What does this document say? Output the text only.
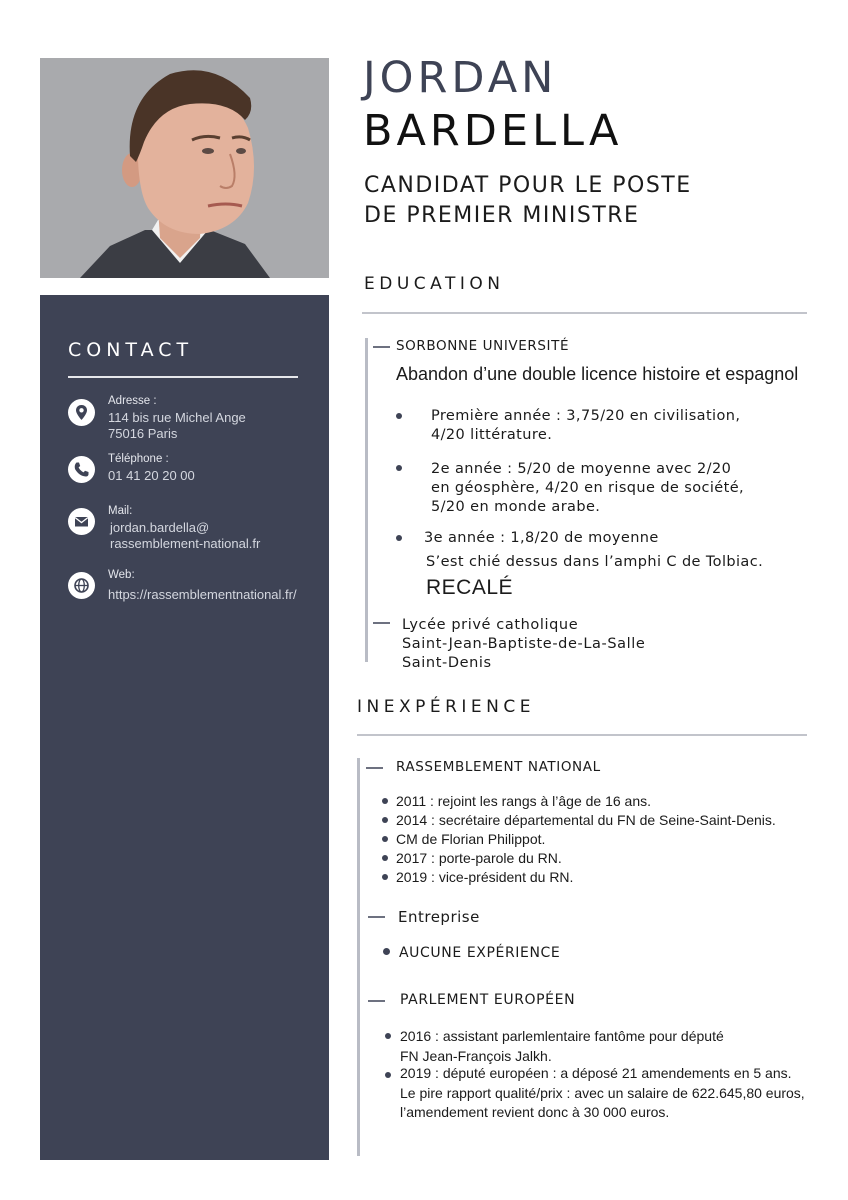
JORDAN
BARDELLA
CANDIDAT POUR LE POSTE
DE PREMIER MINISTRE
CONTACT
Adresse :
114 bis rue Michel Ange
75016 Paris
Téléphone :
01 41 20 20 00
Mail:
jordan.bardella@
rassemblement-national.fr
Web:
https://rassemblementnational.fr/
EDUCATION
SORBONNE UNIVERSITÉ
Abandon d’une double licence histoire et espagnol
Première année : 3,75/20 en civilisation,
4/20 littérature.
2e année : 5/20 de moyenne avec 2/20
en géosphère, 4/20 en risque de société,
5/20 en monde arabe.
3e année : 1,8/20 de moyenne
S’est chié dessus dans l’amphi C de Tolbiac.
RECALÉ
Lycée privé catholique
Saint-Jean-Baptiste-de-La-Salle
Saint-Denis
INEXPÉRIENCE
RASSEMBLEMENT NATIONAL
2011 : rejoint les rangs à l’âge de 16 ans.
2014 : secrétaire départemental du FN de Seine-Saint-Denis.
CM de Florian Philippot.
2017 : porte-parole du RN.
2019 : vice-président du RN.
Entreprise
AUCUNE EXPÉRIENCE
PARLEMENT EUROPÉEN
2016 : assistant parlemlentaire fantôme pour député
FN Jean-François Jalkh.
2019 : député européen : a déposé 21 amendements en 5 ans.
Le pire rapport qualité/prix : avec un salaire de 622.645,80 euros,
l’amendement revient donc à 30 000 euros.
